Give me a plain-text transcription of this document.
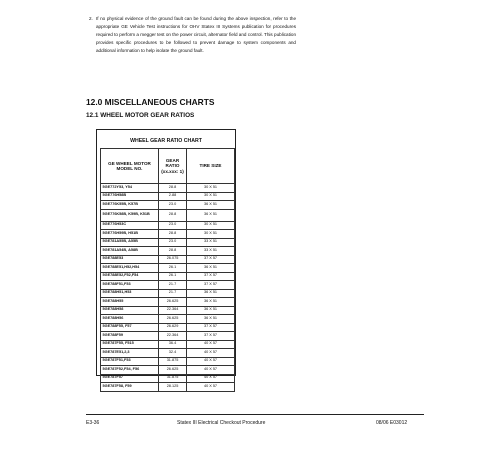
2. If no physical evidence of the ground fault can be found during the above inspection, refer to the appropriate GE Vehicle Test instructions for OHV Statex III Systems publication for procedures required to perform a megger test on the power circuit, alternator field and control. This publication provides specific procedures to be followed to prevent damage to system components and additional information to help isolate the ground fault.
12.0 MISCELLANEOUS CHARTS
12.1 WHEEL MOTOR GEAR RATIOS
WHEEL GEAR RATIO CHART
GE WHEEL MOTOR MODEL NO.	GEAR RATIO (xx.xxx: 1)	TIRE SIZE
5GE772Y53, Y54	28.8	30 X 51
5GE776H58B	2.88	30 X 51
5GE776K55B, K57B	23.0	36 X 51
5GE776K58B, K59B, K51B	28.8	36 X 51
5GE776H53C	23.0	30 X 51
5GE776H59B, H51B	28.8	30 X 51
5GE781A55B, A55B	23.0	33 X 51
5GE781A54B, A58B	28.8	33 X 51
5GE788E53	26.075	37 X 57
5GE788E51,H52,H54	26.1	36 X 51
5GE788E52,F52,F54	26.1	37 X 57
5GE788F51,F53	21.7	37 X 57
5GE788H51,H53	21.7	36 X 51
5GE788H55	26.625	36 X 51
5GE788H58	22.364	36 X 51
5GE788H56	26.625	36 X 51
5GE788F55, F57	26.629	37 X 57
5GE788F59	22.364	37 X 57
5GE787F55, F515	36.4	40 X 57
5GE787E51,2,3	32.4	40 X 57
5GE787F51,F53	31.875	40 X 57
5GE787F52,F54, F56	26.625	40 X 57
5GE787F57	31.875	40 X 57
5GE787F58, F59	28.125	40 X 57
E3-36	Statex III Electrical Checkout Procedure	08/06 E03012
